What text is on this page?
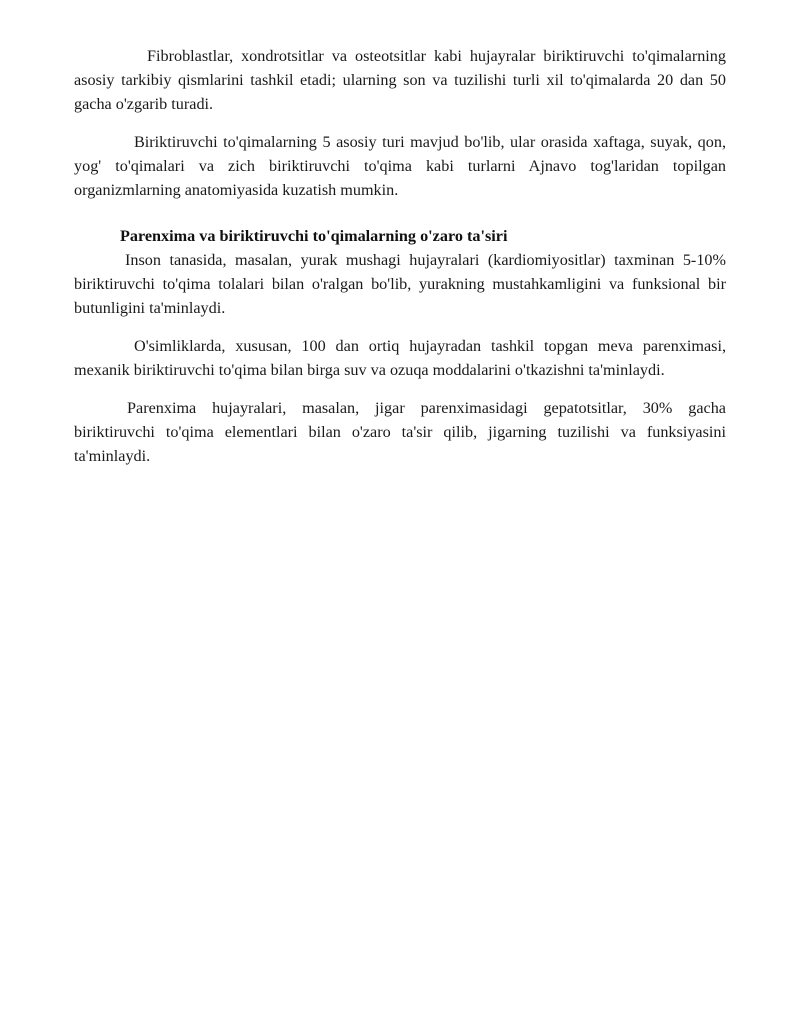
Fibroblastlar, xondrotsitlar va osteotsitlar kabi hujayralar biriktiruvchi to'qimalarning asosiy tarkibiy qismlarini tashkil etadi; ularning son va tuzilishi turli xil to'qimalarda 20 dan 50 gacha o'zgarib turadi.

Biriktiruvchi to'qimalarning 5 asosiy turi mavjud bo'lib, ular orasida xaftaga, suyak, qon, yog' to'qimalari va zich biriktiruvchi to'qima kabi turlarni Ajnavo tog'laridan topilgan organizmlarning anatomiyasida kuzatish mumkin.

Parenxima va biriktiruvchi to'qimalarning o'zaro ta'siri

Inson tanasida, masalan, yurak mushagi hujayralari (kardiomiyositlar) taxminan 5-10% biriktiruvchi to'qima tolalari bilan o'ralgan bo'lib, yurakning mustahkamligini va funksional bir butunligini ta'minlaydi.

O'simliklarda, xususan, 100 dan ortiq hujayradan tashkil topgan meva parenximasi, mexanik biriktiruvchi to'qima bilan birga suv va ozuqa moddalarini o'tkazishni ta'minlaydi.

Parenxima hujayralari, masalan, jigar parenximasidagi gepatotsitlar, 30% gacha biriktiruvchi to'qima elementlari bilan o'zaro ta'sir qilib, jigarning tuzilishi va funksiyasini ta'minlaydi.
